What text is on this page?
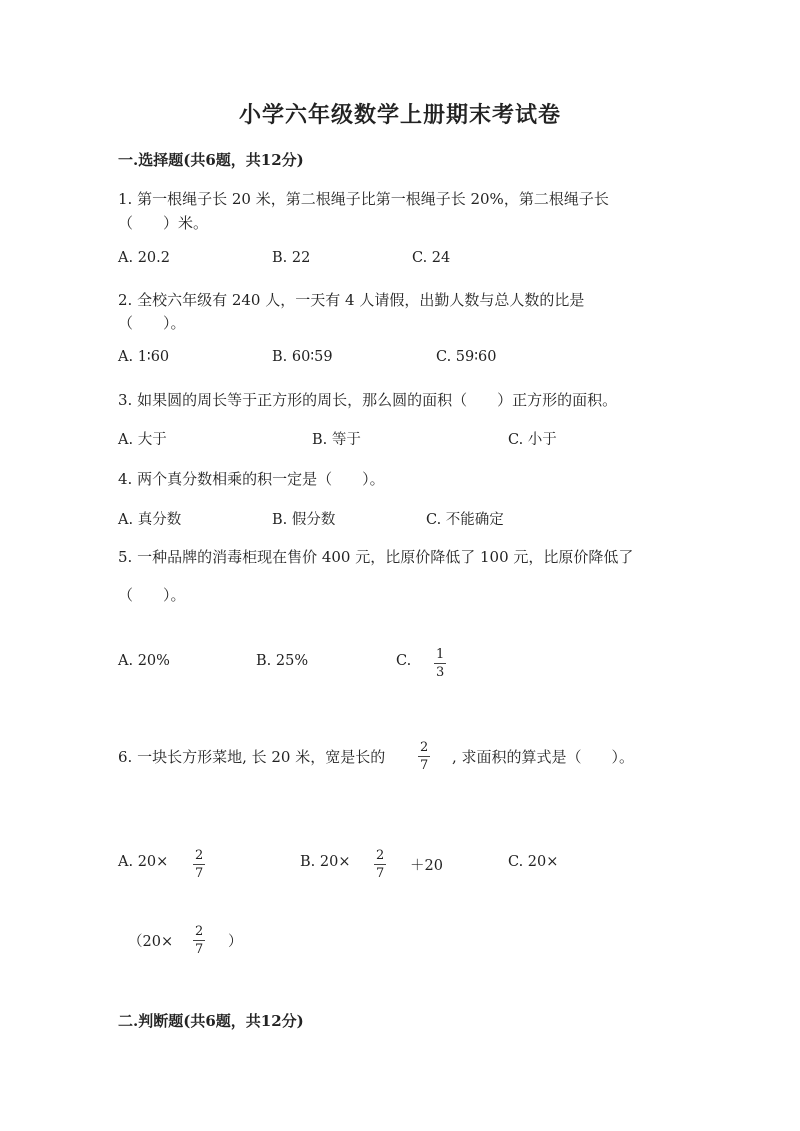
小学六年级数学上册期末考试卷
一.选择题(共6题，共12分)
1. 第一根绳子长 20 米，第二根绳子比第一根绳子长 20%，第二根绳子长
（　　）米。
A. 20.2	B. 22	C. 24
2. 全校六年级有 240 人，一天有 4 人请假，出勤人数与总人数的比是
（　　）。
A. 1∶60	B. 60∶59	C. 59∶60
3. 如果圆的周长等于正方形的周长，那么圆的面积（　　）正方形的面积。
A. 大于	B. 等于	C. 小于
4. 两个真分数相乘的积一定是（　　）。
A. 真分数	B. 假分数	C. 不能确定
5. 一种品牌的消毒柜现在售价 400 元，比原价降低了 100 元，比原价降低了
（　　）。
A. 20%	B. 25%	C. $\frac{1}{3}$
6. 一块长方形菜地, 长 20 米，宽是长的	$\frac{2}{7}$ , 求面积的算式是（　　）。
A. $20\times \frac{2}{7}$	B. $20\times \frac{2}{7} +20$	C. 20×
（$20\times \frac{2}{7}$ ）
二.判断题(共6题，共12分)
